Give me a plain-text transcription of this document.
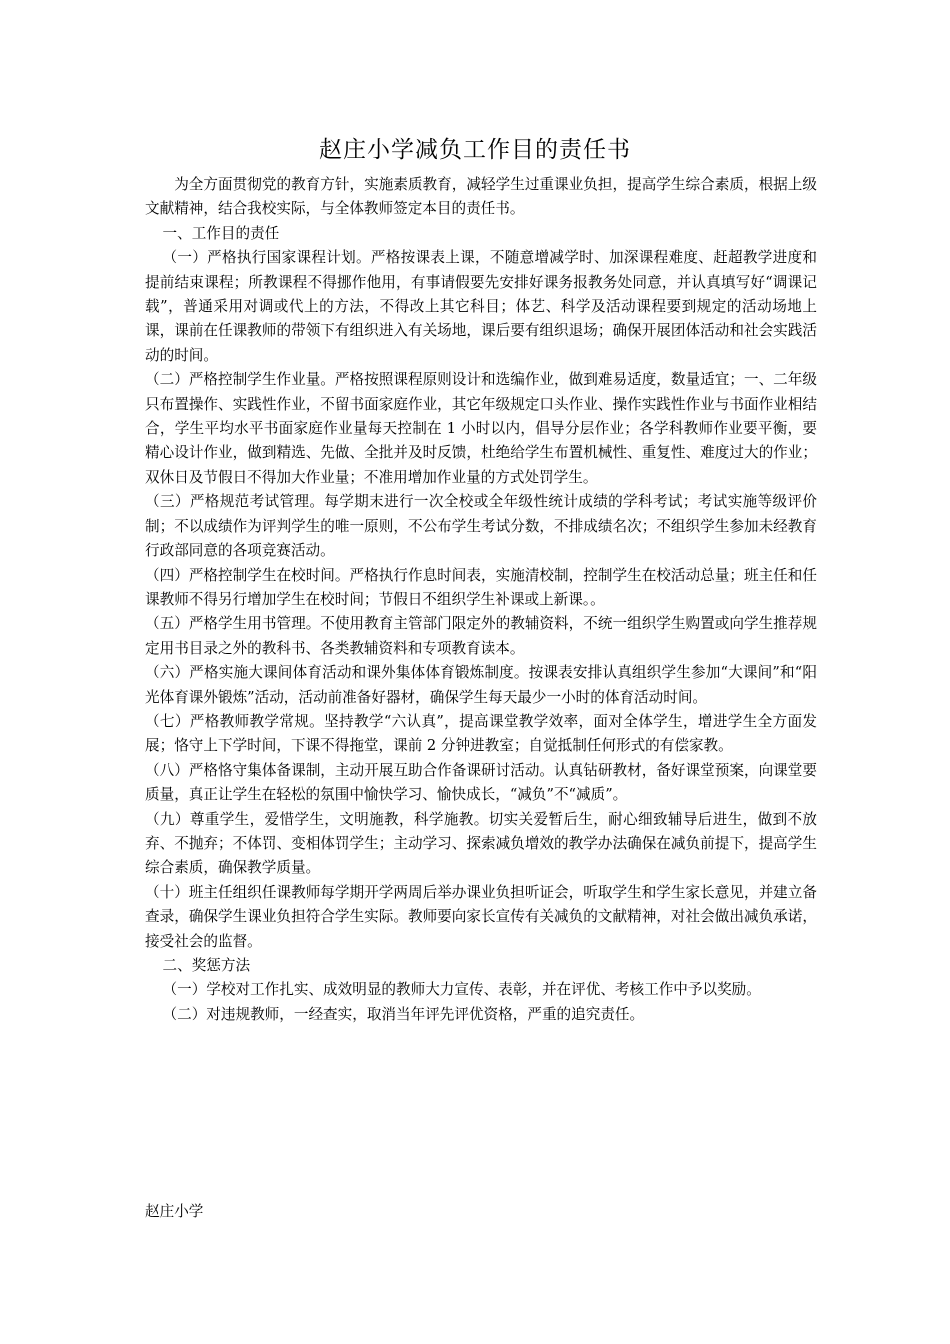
赵庄小学减负工作目的责任书

为全方面贯彻党的教育方针，实施素质教育，减轻学生过重课业负担，提高学生综合素质，根据上级文献精神，结合我校实际，与全体教师签定本目的责任书。

一、工作目的责任

（一）严格执行国家课程计划。严格按课表上课，不随意增减学时、加深课程难度、赶超教学进度和提前结束课程；所教课程不得挪作他用，有事请假要先安排好课务报教务处同意，并认真填写好“调课记载”，普通采用对调或代上的方法，不得改上其它科目；体艺、科学及活动课程要到规定的活动场地上课，课前在任课教师的带领下有组织进入有关场地，课后要有组织退场；确保开展团体活动和社会实践活动的时间。

（二）严格控制学生作业量。严格按照课程原则设计和选编作业，做到难易适度，数量适宜；一、二年级只布置操作、实践性作业，不留书面家庭作业，其它年级规定口头作业、操作实践性作业与书面作业相结合，学生平均水平书面家庭作业量每天控制在 1 小时以内，倡导分层作业；各学科教师作业要平衡，要精心设计作业，做到精选、先做、全批并及时反馈，杜绝给学生布置机械性、重复性、难度过大的作业；双休日及节假日不得加大作业量；不准用增加作业量的方式处罚学生。

（三）严格规范考试管理。每学期末进行一次全校或全年级性统计成绩的学科考试；考试实施等级评价制；不以成绩作为评判学生的唯一原则，不公布学生考试分数，不排成绩名次；不组织学生参加未经教育行政部同意的各项竞赛活动。

（四）严格控制学生在校时间。严格执行作息时间表，实施清校制，控制学生在校活动总量；班主任和任课教师不得另行增加学生在校时间；节假日不组织学生补课或上新课。。

（五）严格学生用书管理。不使用教育主管部门限定外的教辅资料，不统一组织学生购置或向学生推荐规定用书目录之外的教科书、各类教辅资料和专项教育读本。

（六）严格实施大课间体育活动和课外集体体育锻炼制度。按课表安排认真组织学生参加“大课间”和“阳光体育课外锻炼”活动，活动前准备好器材，确保学生每天最少一小时的体育活动时间。

（七）严格教师教学常规。坚持教学“六认真”，提高课堂教学效率，面对全体学生，增进学生全方面发展；恪守上下学时间，下课不得拖堂，课前 2 分钟进教室；自觉抵制任何形式的有偿家教。

（八）严格恪守集体备课制，主动开展互助合作备课研讨活动。认真钻研教材，备好课堂预案，向课堂要质量，真正让学生在轻松的氛围中愉快学习、愉快成长，“减负”不“减质”。

（九）尊重学生，爱惜学生，文明施教，科学施教。切实关爱暂后生，耐心细致辅导后进生，做到不放弃、不抛弃；不体罚、变相体罚学生；主动学习、探索减负增效的教学办法确保在减负前提下，提高学生综合素质，确保教学质量。

（十）班主任组织任课教师每学期开学两周后举办课业负担听证会，听取学生和学生家长意见，并建立备查录，确保学生课业负担符合学生实际。教师要向家长宣传有关减负的文献精神，对社会做出减负承诺，接受社会的监督。

二、奖惩方法

（一）学校对工作扎实、成效明显的教师大力宣传、表彰，并在评优、考核工作中予以奖励。

（二）对违规教师，一经查实，取消当年评先评优资格，严重的追究责任。

赵庄小学
